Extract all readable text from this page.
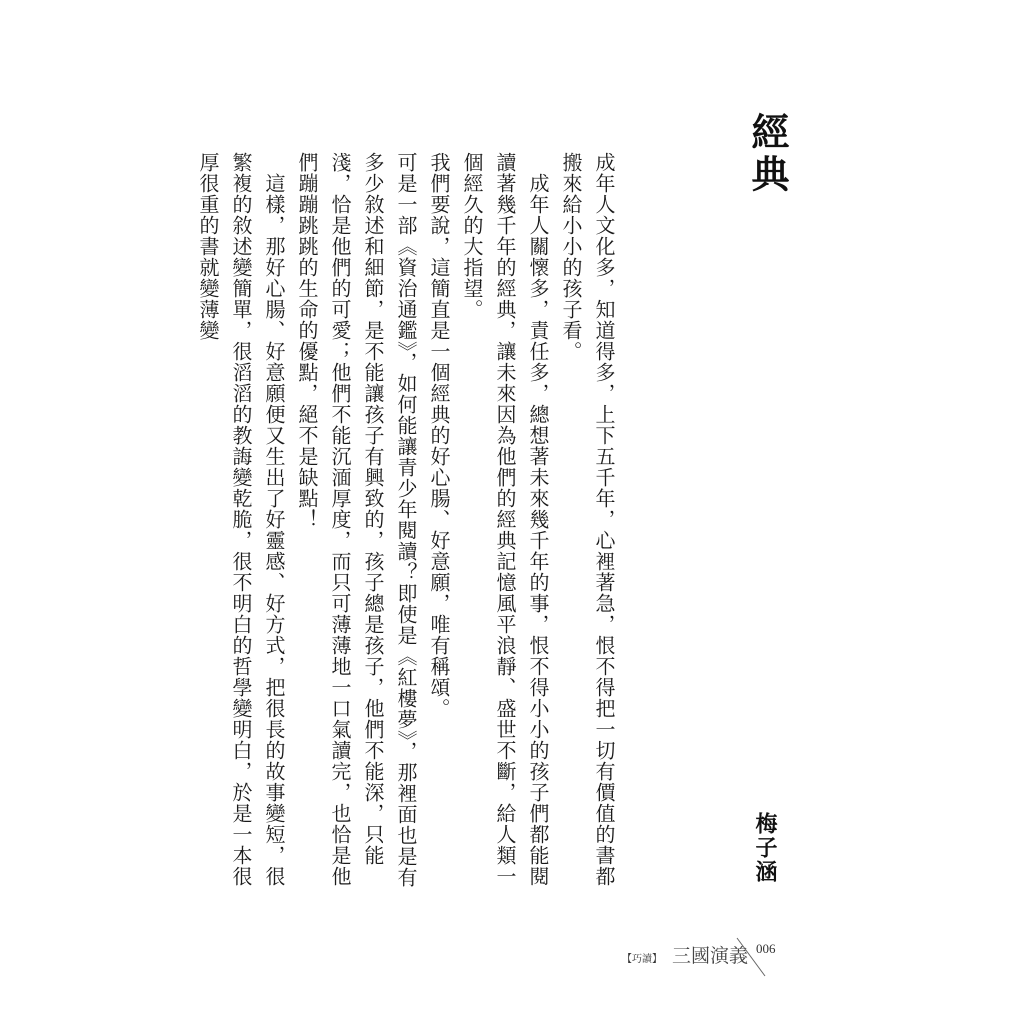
經典
梅子涵

成年人文化多，知道得多，上下五千年，心裡著急，恨不得把一切有價值的書都搬來給小小的孩子看。

　成年人關懷多，責任多，總想著未來幾千年的事，恨不得小小的孩子們都能閱讀著幾千年的經典，讓未來因為他們的經典記憶風平浪靜、盛世不斷，給人類一個經久的大指望。

我們要說，這簡直是一個經典的好心腸、好意願，唯有稱頌。

可是一部《資治通鑑》，如何能讓青少年閱讀？即使是《紅樓夢》，那裡面也是有多少敘述和細節，是不能讓孩子有興致的，孩子總是孩子，他們不能深，只能淺，恰是他們的可愛；他們不能沉湎厚度，而只可薄薄地一口氣讀完，也恰是他們蹦蹦跳跳的生命的優點，絕不是缺點！

　這樣，那好心腸、好意願便又生出了好靈感、好方式，把很長的故事變短，很繁複的敘述變簡單，很滔滔的教誨變乾脆，很不明白的哲學變明白，於是一本很厚很重的書就變薄變

【巧讀】 三國演義 006
